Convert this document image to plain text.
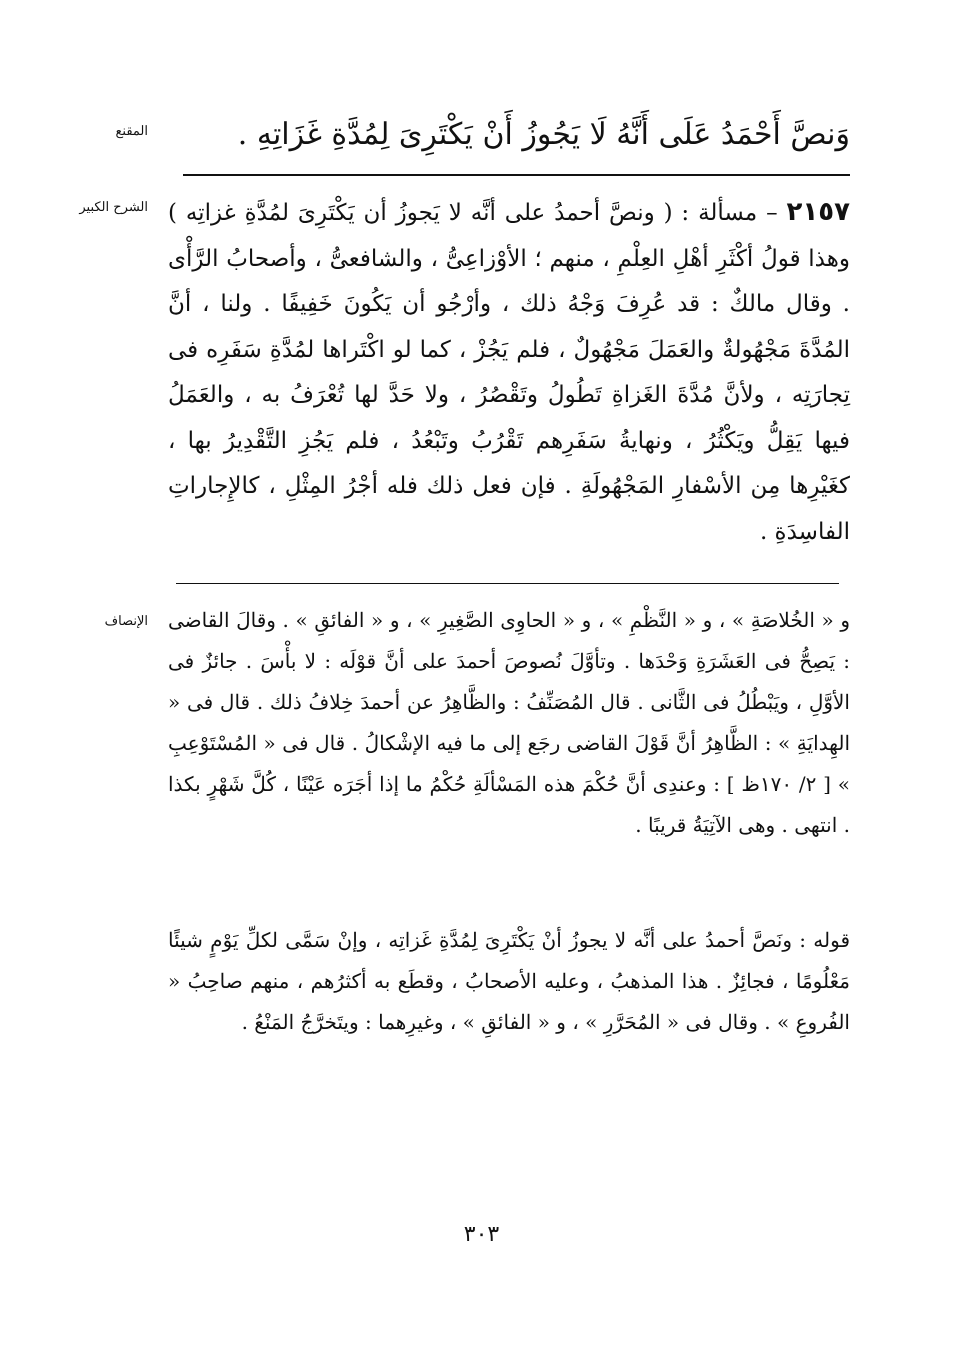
المقنع	وَنصَّ أَحْمَدُ عَلَى أَنَّهُ لَا يَجُوزُ أَنْ يَكْتَرِىَ لِمُدَّةِ غَزَاتِهِ .
الشرح الكبير	٢١٥٧ – مسألة : ( ونصَّ أحمدُ على أنَّه لا يَجوزُ أن يَكْتَرِىَ لمُدَّةِ غزاتِه ) وهذا قولُ أكْثَرِ أهْلِ العِلْمِ ، منهم ؛ الأوْزاعِىُّ ، والشافعىُّ ، وأصحابُ الرَّأْى . وقال مالكٌ : قد عُرِفَ وَجْهُ ذلك ، وأرْجُو أن يَكُونَ خَفِيفًا . ولنا ، أنَّ المُدَّةَ مَجْهُولةٌ والعَمَلَ مَجْهُولٌ ، فلم يَجُزْ ، كما لو اكْتَراها لمُدَّةِ سَفَرِه فى تِجارَتِه ، ولأنَّ مُدَّةَ الغَزاةِ تَطُولُ وتَقْصُرُ ، ولا حَدَّ لها تُعْرَفُ به ، والعَمَلُ فيها يَقِلُّ ويَكْثُرُ ، ونهايةُ سَفَرِهم تَقْرُبُ وتَبْعُدُ ، فلم يَجُزِ التَّقْدِيرُ بها ، كغَيْرِها مِن الأسْفارِ المَجْهُولَةِ . فإن فعل ذلك فله أجْرُ المِثْلِ ، كالإِجاراتِ الفاسِدَةِ .
الإنصاف و « الخُلاصَةِ » ، و « النَّظْمِ » ، و « الحاوِى الصَّغِيرِ » ، و « الفائقِ » . وقالَ القاضى : يَصِحُّ فى العَشَرَةِ وَحْدَها . وتأوَّلَ نُصوصَ أحمدَ على أنَّ قوْلَه : لا بأْسَ . جائزٌ فى الأوَّلِ ، ويَبْطُلُ فى الثَّانى . قال المُصَنِّفُ : والظَّاهِرُ عن أحمدَ خِلافُ ذلك . قال فى « الهِدايَةِ » : الظَّاهِرُ أنَّ قَوْلَ القاضى رجَع إلى ما فيه الإشْكالُ . قال فى « المُسْتَوْعِبِ » [ ٢/ ١٧٠ظ ] : وعندِى أنَّ حُكْمَ هذه المَسْألَةِ حُكْمُ ما إذا أجَرَه عَيْنًا ، كُلَّ شَهْرٍ بكذا . انتهى . وهى الآتِيَةُ قريبًا .
قوله : ونَصَّ أحمدُ على أنَّه لا يجوزُ أنْ يَكْتَرِىَ لِمُدَّةِ غَزاتِه ، وإنْ سَمَّى لكلِّ يَوْمٍ شيئًا مَعْلُومًا ، فجائِزٌ . هذا المذهبُ ، وعليه الأصحابُ ، وقطَع به أكثرُهم ، منهم صاحِبُ « الفُروعِ » . وقال فى « المُحَرَّرِ » ، و « الفائقِ » ، وغيرِهما : ويتَخرَّجُ المَنْعُ .
٣٠٣
